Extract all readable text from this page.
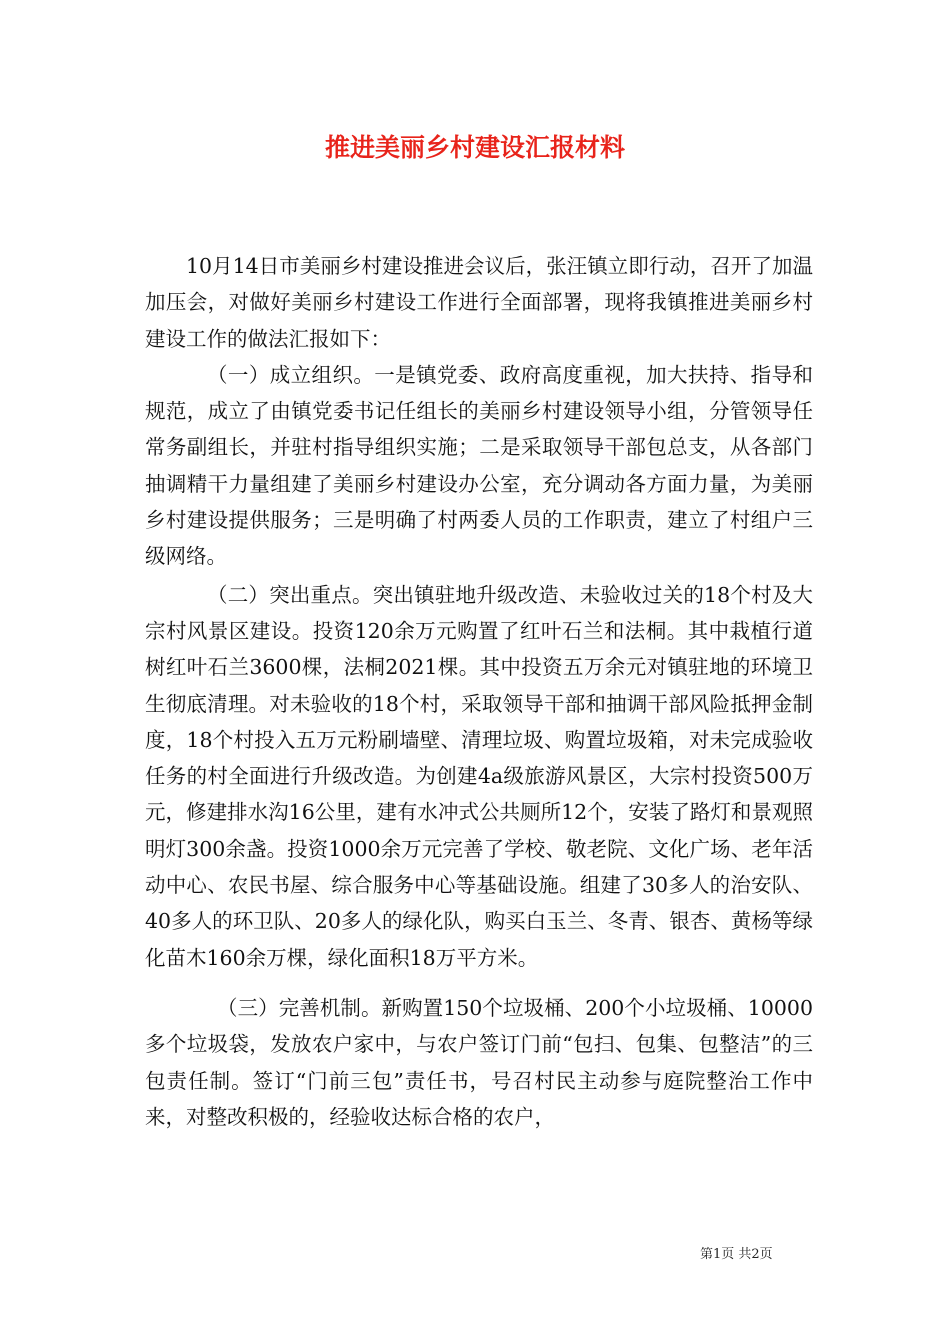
推进美丽乡村建设汇报材料

10月14日市美丽乡村建设推进会议后，张汪镇立即行动，召开了加温加压会，对做好美丽乡村建设工作进行全面部署，现将我镇推进美丽乡村建设工作的做法汇报如下：

（一）成立组织。一是镇党委、政府高度重视，加大扶持、指导和规范，成立了由镇党委书记任组长的美丽乡村建设领导小组，分管领导任常务副组长，并驻村指导组织实施；二是采取领导干部包总支，从各部门抽调精干力量组建了美丽乡村建设办公室，充分调动各方面力量，为美丽乡村建设提供服务；三是明确了村两委人员的工作职责，建立了村组户三级网络。

（二）突出重点。突出镇驻地升级改造、未验收过关的18个村及大宗村风景区建设。投资120余万元购置了红叶石兰和法桐。其中栽植行道树红叶石兰3600棵，法桐2021棵。其中投资五万余元对镇驻地的环境卫生彻底清理。对未验收的18个村，采取领导干部和抽调干部风险抵押金制度，18个村投入五万元粉刷墙壁、清理垃圾、购置垃圾箱，对未完成验收任务的村全面进行升级改造。为创建4a级旅游风景区，大宗村投资500万元，修建排水沟16公里，建有水冲式公共厕所12个，安装了路灯和景观照明灯300余盏。投资1000余万元完善了学校、敬老院、文化广场、老年活动中心、农民书屋、综合服务中心等基础设施。组建了30多人的治安队、40多人的环卫队、20多人的绿化队，购买白玉兰、冬青、银杏、黄杨等绿化苗木160余万棵，绿化面积18万平方米。

（三）完善机制。新购置150个垃圾桶、200个小垃圾桶、10000多个垃圾袋，发放农户家中，与农户签订门前“包扫、包集、包整洁”的三包责任制。签订“门前三包”责任书，号召村民主动参与庭院整治工作中来，对整改积极的，经验收达标合格的农户，

第1页 共2页
